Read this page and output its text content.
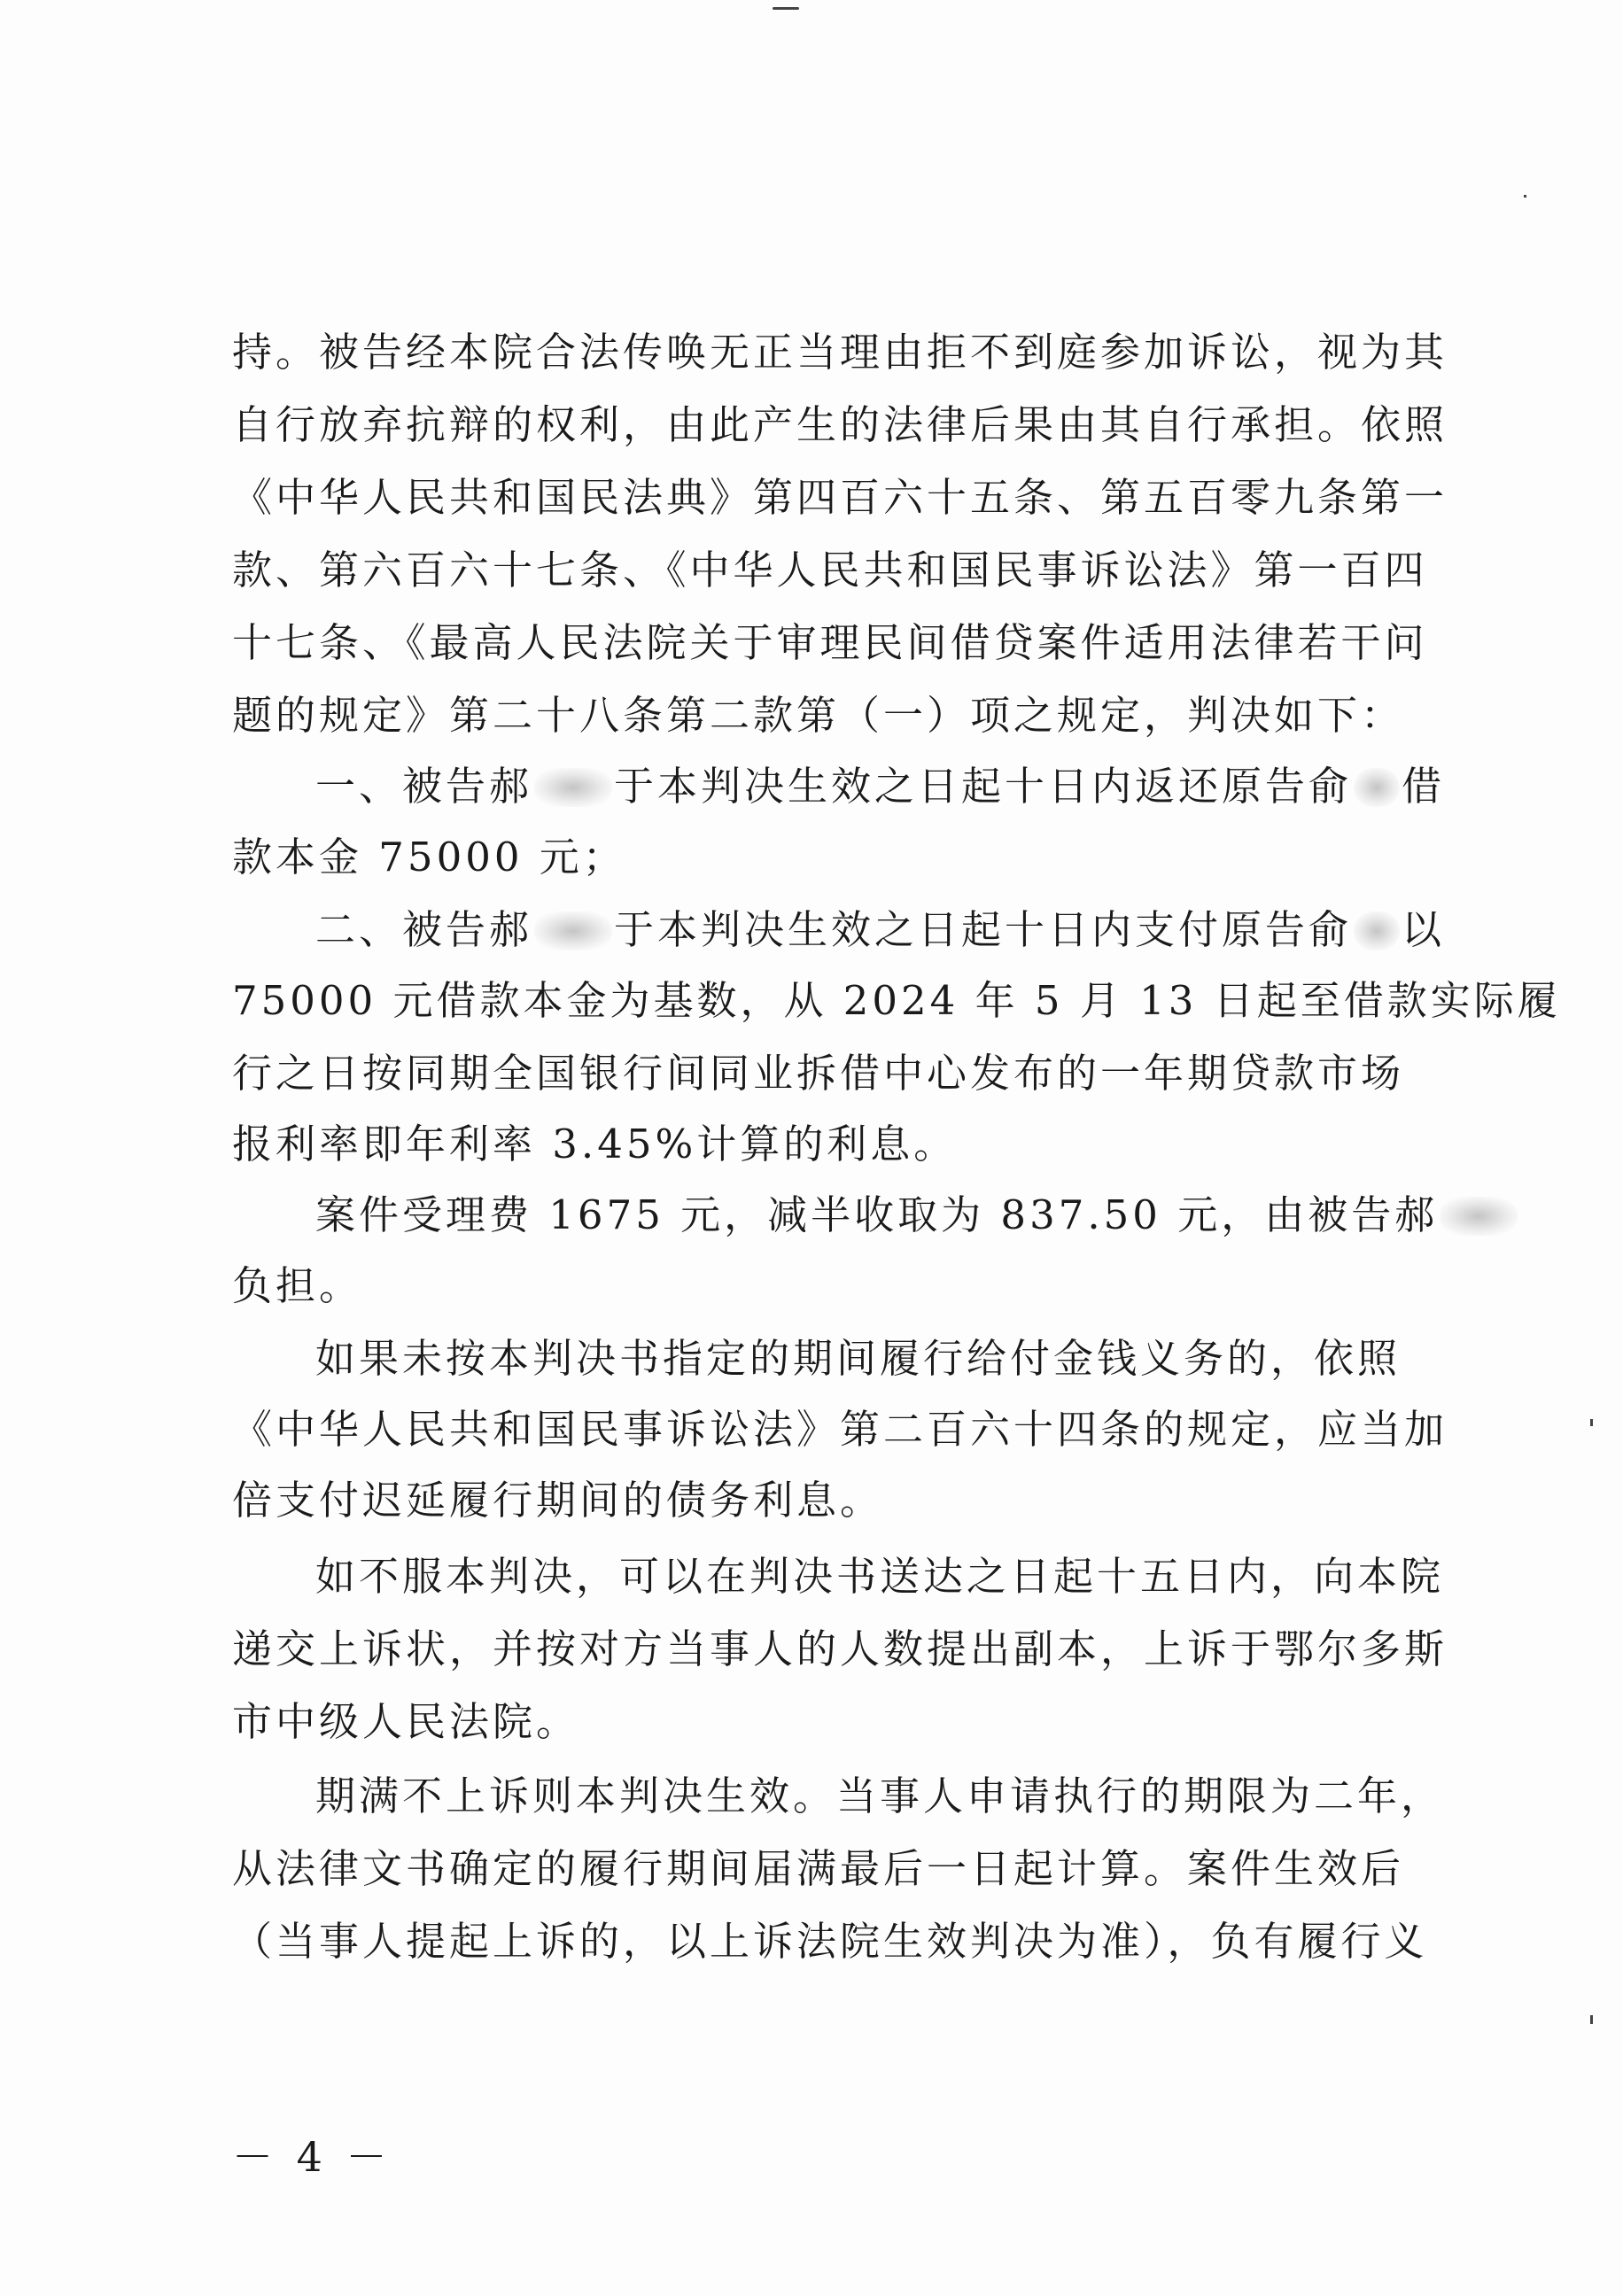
持。被告经本院合法传唤无正当理由拒不到庭参加诉讼，视为其
自行放弃抗辩的权利，由此产生的法律后果由其自行承担。依照
《中华人民共和国民法典》第四百六十五条、第五百零九条第一
款、第六百六十七条、《中华人民共和国民事诉讼法》第一百四
十七条、《最高人民法院关于审理民间借贷案件适用法律若干问
题的规定》第二十八条第二款第（一）项之规定，判决如下：
一、被告郝 于本判决生效之日起十日内返还原告俞 借
款本金 75000 元；
二、被告郝 于本判决生效之日起十日内支付原告俞 以
75000 元借款本金为基数，从 2024 年 5 月 13 日起至借款实际履
行之日按同期全国银行间同业拆借中心发布的一年期贷款市场
报利率即年利率 3.45%计算的利息。
案件受理费 1675 元，减半收取为 837.50 元，由被告郝
负担。
如果未按本判决书指定的期间履行给付金钱义务的，依照
《中华人民共和国民事诉讼法》第二百六十四条的规定，应当加
倍支付迟延履行期间的债务利息。
如不服本判决，可以在判决书送达之日起十五日内，向本院
递交上诉状，并按对方当事人的人数提出副本，上诉于鄂尔多斯
市中级人民法院。
期满不上诉则本判决生效。当事人申请执行的期限为二年，
从法律文书确定的履行期间届满最后一日起计算。案件生效后
（当事人提起上诉的，以上诉法院生效判决为准），负有履行义
－ 4 －
